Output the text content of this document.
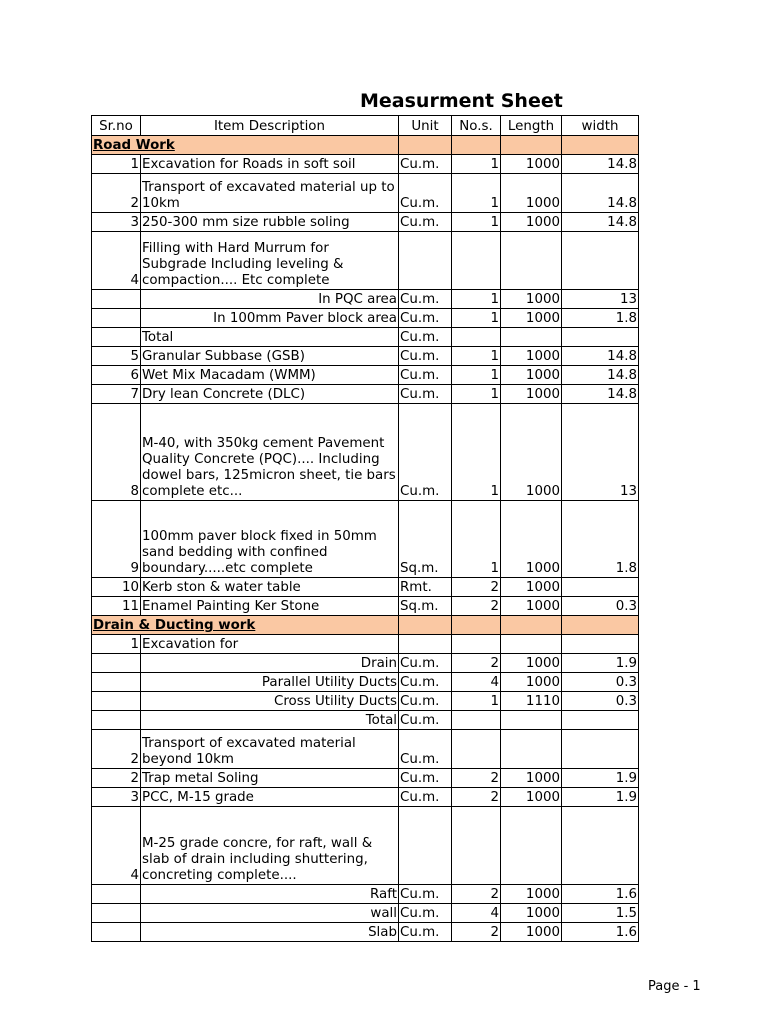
Measurment Sheet
Sr.no	Item Description	Unit	No.s.	Length	width
Road Work					
1	Excavation for Roads in soft soil	Cu.m.	1	1000	14.8
2	Transport of excavated material up to 10km	Cu.m.	1	1000	14.8
3	250-300 mm size rubble soling	Cu.m.	1	1000	14.8
4	Filling with Hard Murrum for Subgrade Including leveling & compaction.... Etc complete				
	In PQC area	Cu.m.	1	1000	13
	In 100mm Paver block area	Cu.m.	1	1000	1.8
	Total	Cu.m.			
5	Granular Subbase (GSB)	Cu.m.	1	1000	14.8
6	Wet Mix Macadam (WMM)	Cu.m.	1	1000	14.8
7	Dry lean Concrete (DLC)	Cu.m.	1	1000	14.8
8	M-40, with 350kg cement Pavement Quality Concrete (PQC).... Including dowel bars, 125micron sheet, tie bars complete etc...	Cu.m.	1	1000	13
9	100mm paver block fixed in 50mm sand bedding with confined boundary.....etc complete	Sq.m.	1	1000	1.8
10	Kerb ston & water table	Rmt.	2	1000	
11	Enamel Painting Ker Stone	Sq.m.	2	1000	0.3
Drain & Ducting work					
1	Excavation for				
	Drain	Cu.m.	2	1000	1.9
	Parallel Utility Ducts	Cu.m.	4	1000	0.3
	Cross Utility Ducts	Cu.m.	1	1110	0.3
	Total	Cu.m.			
2	Transport of excavated material beyond 10km	Cu.m.			
2	Trap metal Soling	Cu.m.	2	1000	1.9
3	PCC, M-15 grade	Cu.m.	2	1000	1.9
4	M-25 grade concre, for raft, wall & slab of drain including shuttering, concreting complete....				
	Raft	Cu.m.	2	1000	1.6
	wall	Cu.m.	4	1000	1.5
	Slab	Cu.m.	2	1000	1.6
Page - 1
